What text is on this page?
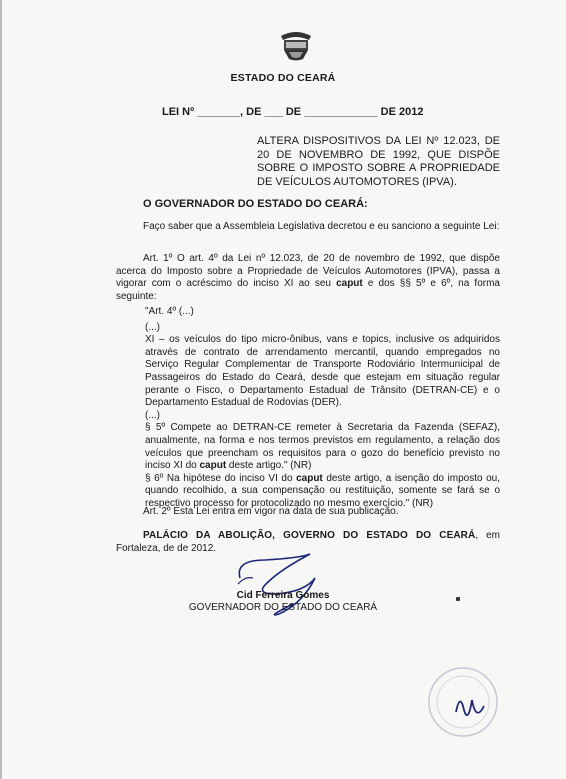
ESTADO DO CEARÁ
LEI Nº _______, DE ___ DE ____________ DE 2012
ALTERA DISPOSITIVOS DA LEI Nº 12.023, DE 20 DE NOVEMBRO DE 1992, QUE DISPÕE SOBRE O IMPOSTO SOBRE A PROPRIEDADE DE VEÍCULOS AUTOMOTORES (IPVA).
O GOVERNADOR DO ESTADO DO CEARÁ:
Faço saber que a Assembleia Legislativa decretou e eu sanciono a seguinte Lei:
Art. 1º O art. 4º da Lei nº 12.023, de 20 de novembro de 1992, que dispõe acerca do Imposto sobre a Propriedade de Veículos Automotores (IPVA), passa a vigorar com o acréscimo do inciso XI ao seu caput e dos §§ 5º e 6º, na forma seguinte:
"Art. 4º (...)
(...)
XI – os veículos do tipo micro-ônibus, vans e topics, inclusive os adquiridos através de contrato de arrendamento mercantil, quando empregados no Serviço Regular Complementar de Transporte Rodoviário Intermunicipal de Passageiros do Estado do Ceará, desde que estejam em situação regular perante o Fisco, o Departamento Estadual de Trânsito (DETRAN-CE) e o Departamento Estadual de Rodovias (DER).
(...)
§ 5º Compete ao DETRAN-CE remeter à Secretaria da Fazenda (SEFAZ), anualmente, na forma e nos termos previstos em regulamento, a relação dos veículos que preencham os requisitos para o gozo do benefício previsto no inciso XI do caput deste artigo." (NR)
§ 6º Na hipótese do inciso VI do caput deste artigo, a isenção do imposto ou, quando recolhido, a sua compensação ou restituição, somente se fará se o respectivo processo for protocolizado no mesmo exercício." (NR)
Art. 2º Esta Lei entra em vigor na data de sua publicação.
PALÁCIO DA ABOLIÇÃO, GOVERNO DO ESTADO DO CEARÁ, em Fortaleza, de de 2012.
Cid Ferreira Gomes
GOVERNADOR DO ESTADO DO CEARÁ
